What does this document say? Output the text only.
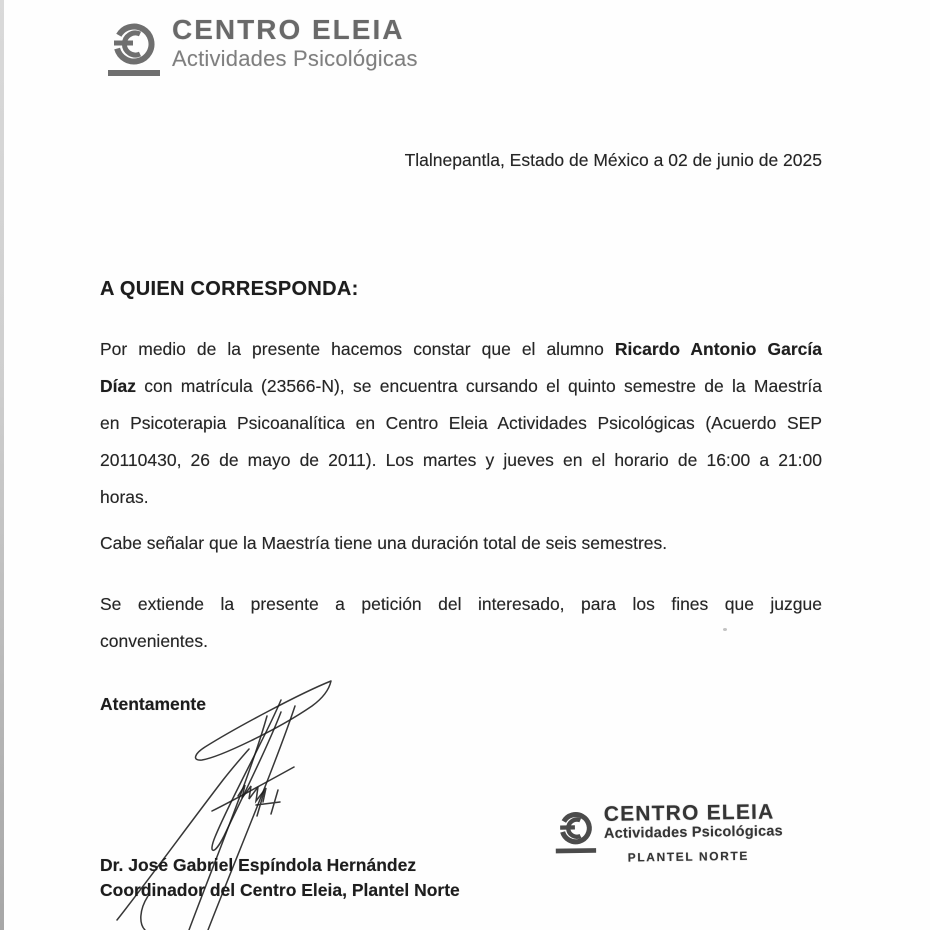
CENTRO ELEIA
Actividades Psicológicas
Tlalnepantla, Estado de México a 02 de junio de 2025
A QUIEN CORRESPONDA:
Por medio de la presente hacemos constar que el alumno Ricardo Antonio García
Díaz con matrícula (23566-N), se encuentra cursando el quinto semestre de la Maestría
en Psicoterapia Psicoanalítica en Centro Eleia Actividades Psicológicas (Acuerdo SEP
20110430, 26 de mayo de 2011). Los martes y jueves en el horario de 16:00 a 21:00
horas.
Cabe señalar que la Maestría tiene una duración total de seis semestres.
Se extiende la presente a petición del interesado, para los fines que juzgue
convenientes.
Atentamente
CENTRO ELEIA
Actividades Psicológicas
PLANTEL NORTE
Dr. José Gabriel Espíndola Hernández
Coordinador del Centro Eleia, Plantel Norte
